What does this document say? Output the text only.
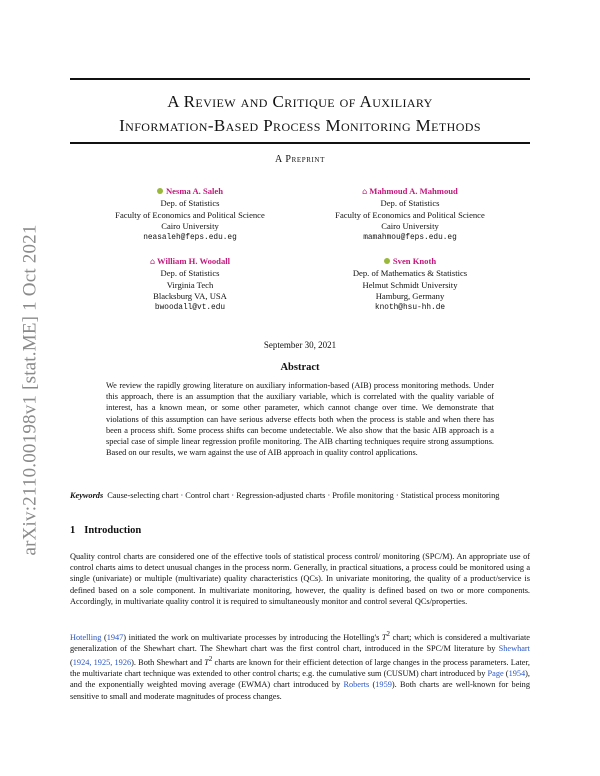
arXiv:2110.00198v1 [stat.ME] 1 Oct 2021
A Review and Critique of Auxiliary
Information-Based Process Monitoring Methods
A Preprint
Nesma A. Saleh
Dep. of Statistics
Faculty of Economics and Political Science
Cairo University
neasaleh@feps.edu.eg
⌂ Mahmoud A. Mahmoud
Dep. of Statistics
Faculty of Economics and Political Science
Cairo University
mamahmou@feps.edu.eg
⌂ William H. Woodall
Dep. of Statistics
Virginia Tech
Blacksburg VA, USA
bwoodall@vt.edu
Sven Knoth
Dep. of Mathematics & Statistics
Helmut Schmidt University
Hamburg, Germany
knoth@hsu-hh.de
September 30, 2021
Abstract
We review the rapidly growing literature on auxiliary information-based (AIB) process monitoring methods. Under this approach, there is an assumption that the auxiliary variable, which is correlated with the quality variable of interest, has a known mean, or some other parameter, which cannot change over time. We demonstrate that violations of this assumption can have serious adverse effects both when the process is stable and when there has been a process shift. Some process shifts can become undetectable. We also show that the basic AIB approach is a special case of simple linear regression profile monitoring. The AIB charting techniques require strong assumptions. Based on our results, we warn against the use of AIB approach in quality control applications.
Keywords Cause-selecting chart · Control chart · Regression-adjusted charts · Profile monitoring · Statistical process monitoring
1 Introduction
Quality control charts are considered one of the effective tools of statistical process control/ monitoring (SPC/M). An appropriate use of control charts aims to detect unusual changes in the process norm. Generally, in practical situations, a process could be monitored using a single (univariate) or multiple (multivariate) quality characteristics (QCs). In univariate monitoring, the quality of a product/service is defined based on a sole component. In multivariate monitoring, however, the quality is defined based on two or more components. Accordingly, in multivariate quality control it is required to simultaneously monitor and control several QCs/properties.
Hotelling (1947) initiated the work on multivariate processes by introducing the Hotelling's $T^2$ chart; which is considered a multivariate generalization of the Shewhart chart. The Shewhart chart was the first control chart, introduced in the SPC/M literature by Shewhart (1924, 1925, 1926). Both Shewhart and $T^2$ charts are known for their efficient detection of large changes in the process parameters. Later, the multivariate chart technique was extended to other control charts; e.g. the cumulative sum (CUSUM) chart introduced by Page (1954), and the exponentially weighted moving average (EWMA) chart introduced by Roberts (1959). Both charts are well-known for being sensitive to small and moderate magnitudes of process changes.
